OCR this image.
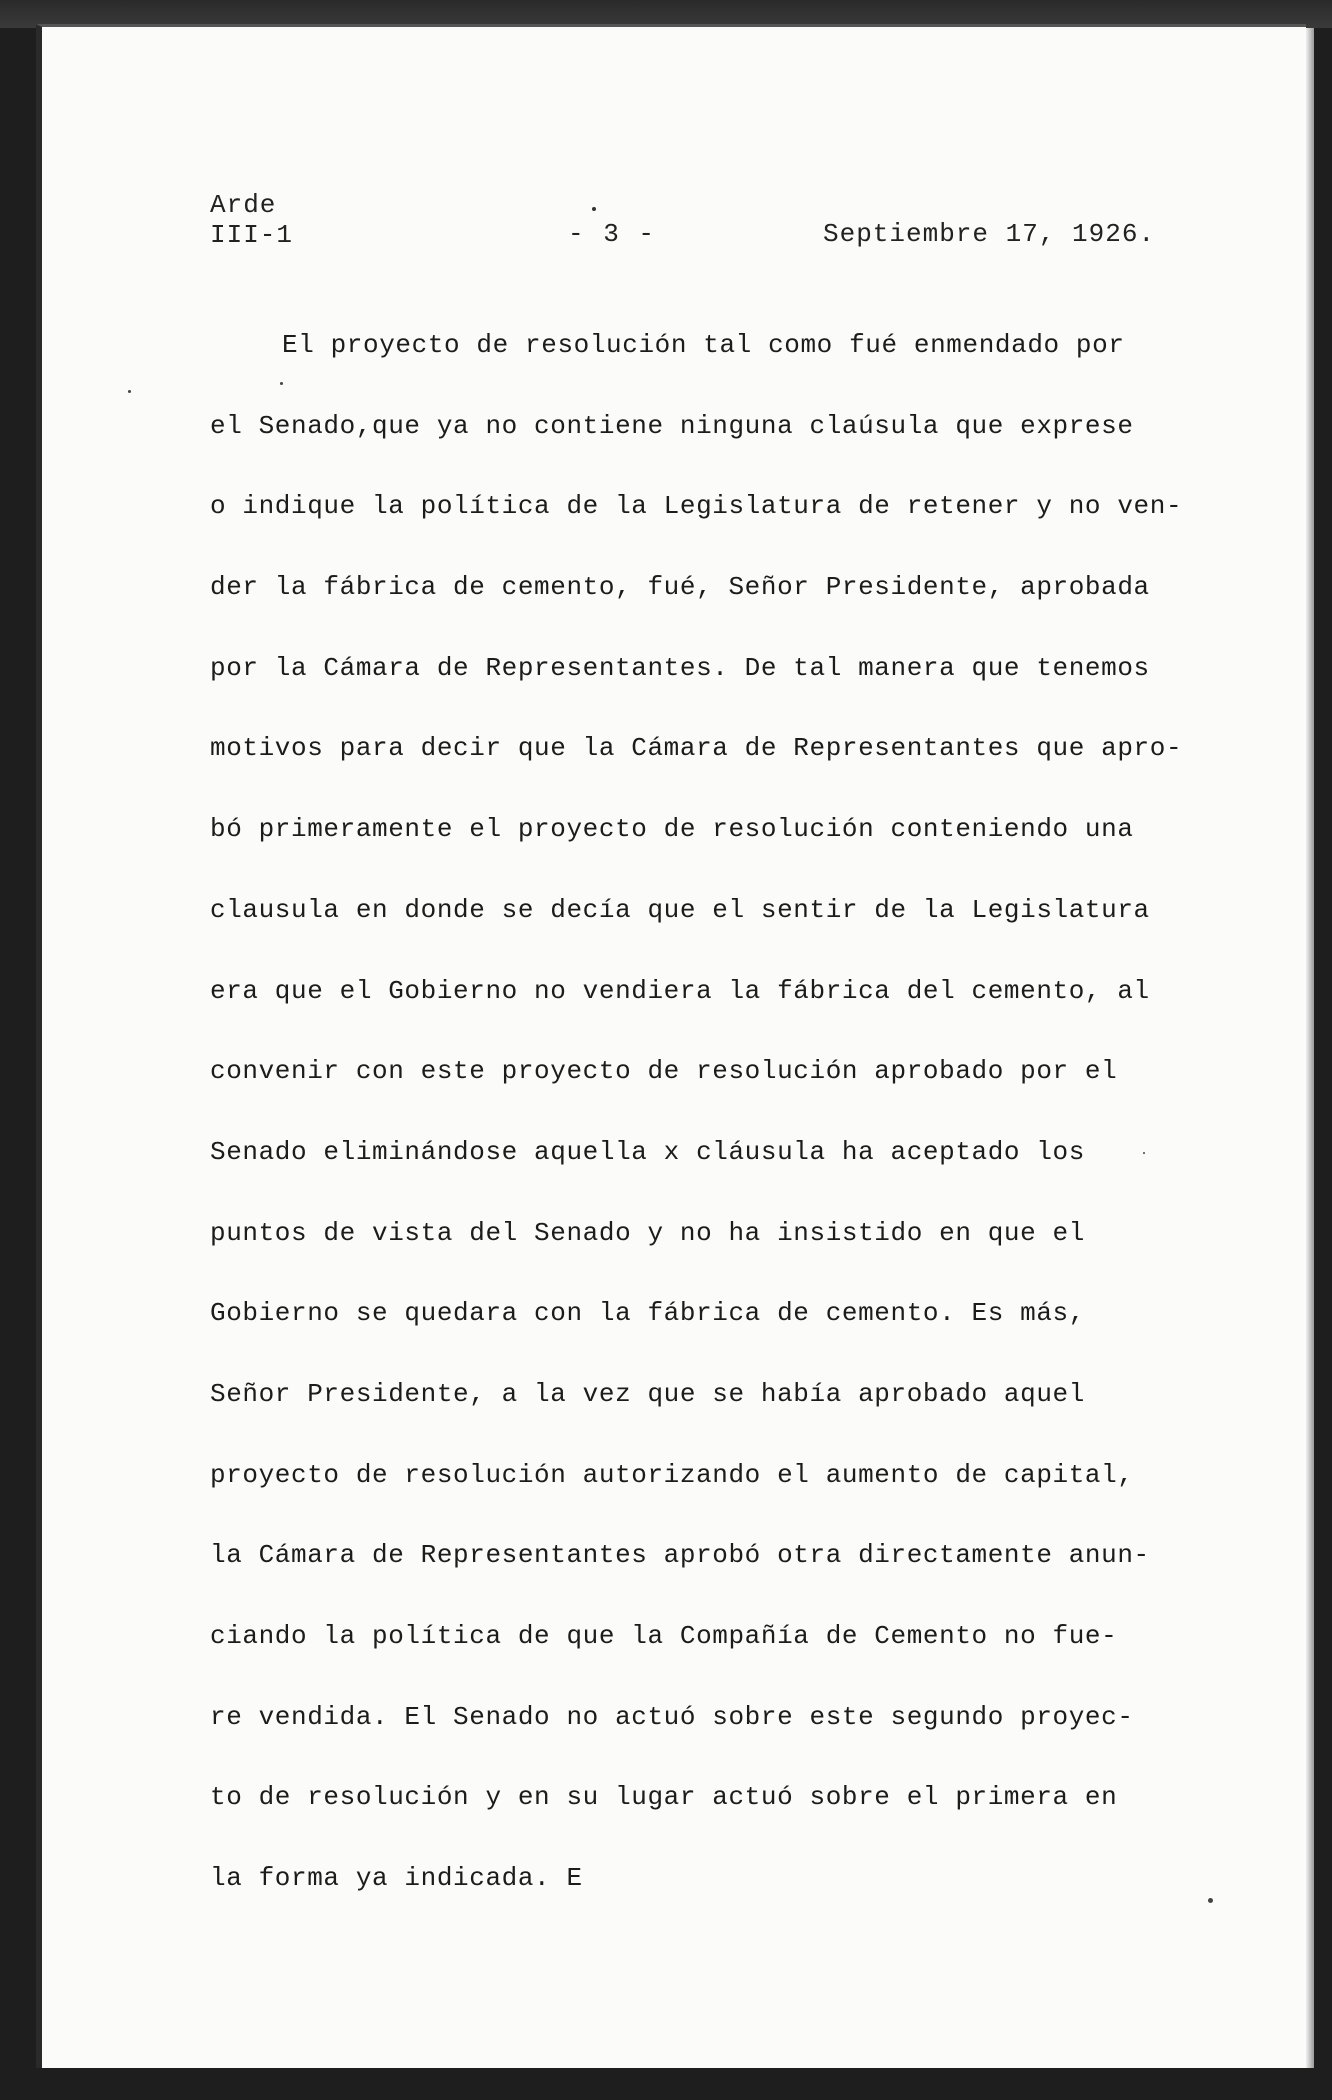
Arde
III-1	- 3 -	Septiembre 17, 1926.
El proyecto de resolución tal como fué enmendado por
el Senado,que ya no contiene ninguna claúsula que exprese
o indique la política de la Legislatura de retener y no ven-
der la fábrica de cemento, fué, Señor Presidente, aprobada
por la Cámara de Representantes. De tal manera que tenemos
motivos para decir que la Cámara de Representantes que apro-
bó primeramente el proyecto de resolución conteniendo una
clausula en donde se decía que el sentir de la Legislatura
era que el Gobierno no vendiera la fábrica del cemento, al
convenir con este proyecto de resolución aprobado por el
Senado eliminándose aquella x cláusula ha aceptado los
puntos de vista del Senado y no ha insistido en que el
Gobierno se quedara con la fábrica de cemento. Es más,
Señor Presidente, a la vez que se había aprobado aquel
proyecto de resolución autorizando el aumento de capital,
la Cámara de Representantes aprobó otra directamente anun-
ciando la política de que la Compañía de Cemento no fue-
re vendida. El Senado no actuó sobre este segundo proyec-
to de resolución y en su lugar actuó sobre el primera en
la forma ya indicada. E
